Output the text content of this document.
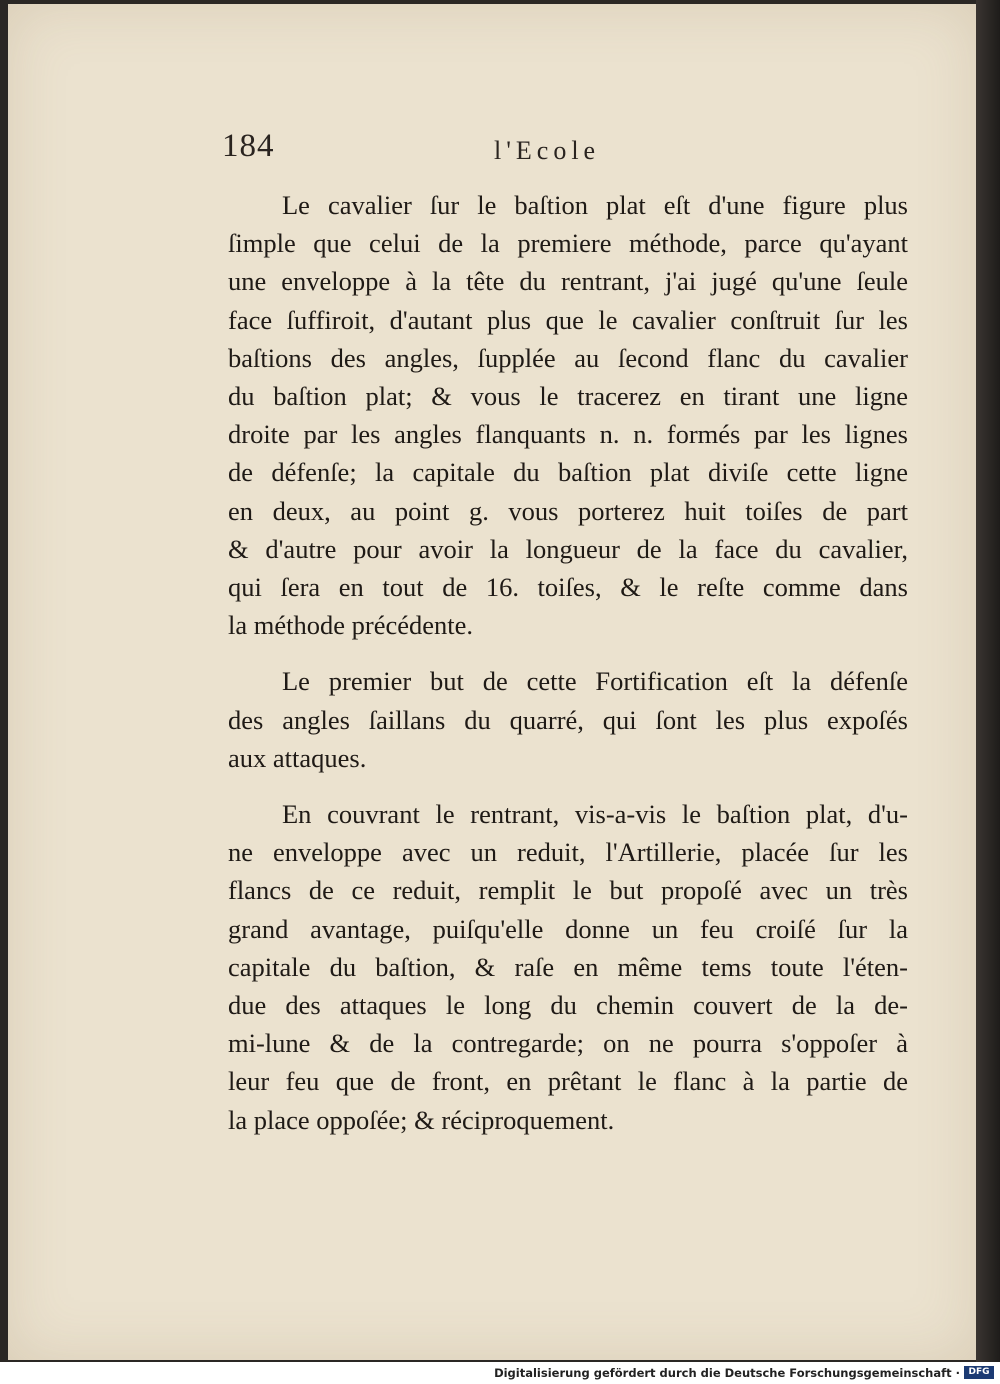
184	l'Ecole
Le cavalier ſur le baſtion plat eſt d'une figure plus
ſimple que celui de la premiere méthode, parce qu'ayant
une enveloppe à la tête du rentrant, j'ai jugé qu'une ſeule
face ſuffiroit, d'autant plus que le cavalier conſtruit ſur les
baſtions des angles, ſupplée au ſecond flanc du cavalier
du baſtion plat; & vous le tracerez en tirant une ligne
droite par les angles flanquants n. n. formés par les lignes
de défenſe; la capitale du baſtion plat diviſe cette ligne
en deux, au point g. vous porterez huit toiſes de part
& d'autre pour avoir la longueur de la face du cavalier,
qui ſera en tout de 16. toiſes, & le reſte comme dans
la méthode précédente.
Le premier but de cette Fortification eſt la défenſe
des angles ſaillans du quarré, qui ſont les plus expoſés
aux attaques.
En couvrant le rentrant, vis-a-vis le baſtion plat, d'u-
ne enveloppe avec un reduit, l'Artillerie, placée ſur les
flancs de ce reduit, remplit le but propoſé avec un très
grand avantage, puiſqu'elle donne un feu croiſé ſur la
capitale du baſtion, & raſe en même tems toute l'éten-
due des attaques le long du chemin couvert de la de-
mi-lune & de la contregarde; on ne pourra s'oppoſer à
leur feu que de front, en prêtant le flanc à la partie de
la place oppoſée; & réciproquement.
Digitalisierung gefördert durch die Deutsche Forschungsgemeinschaft · DFG
